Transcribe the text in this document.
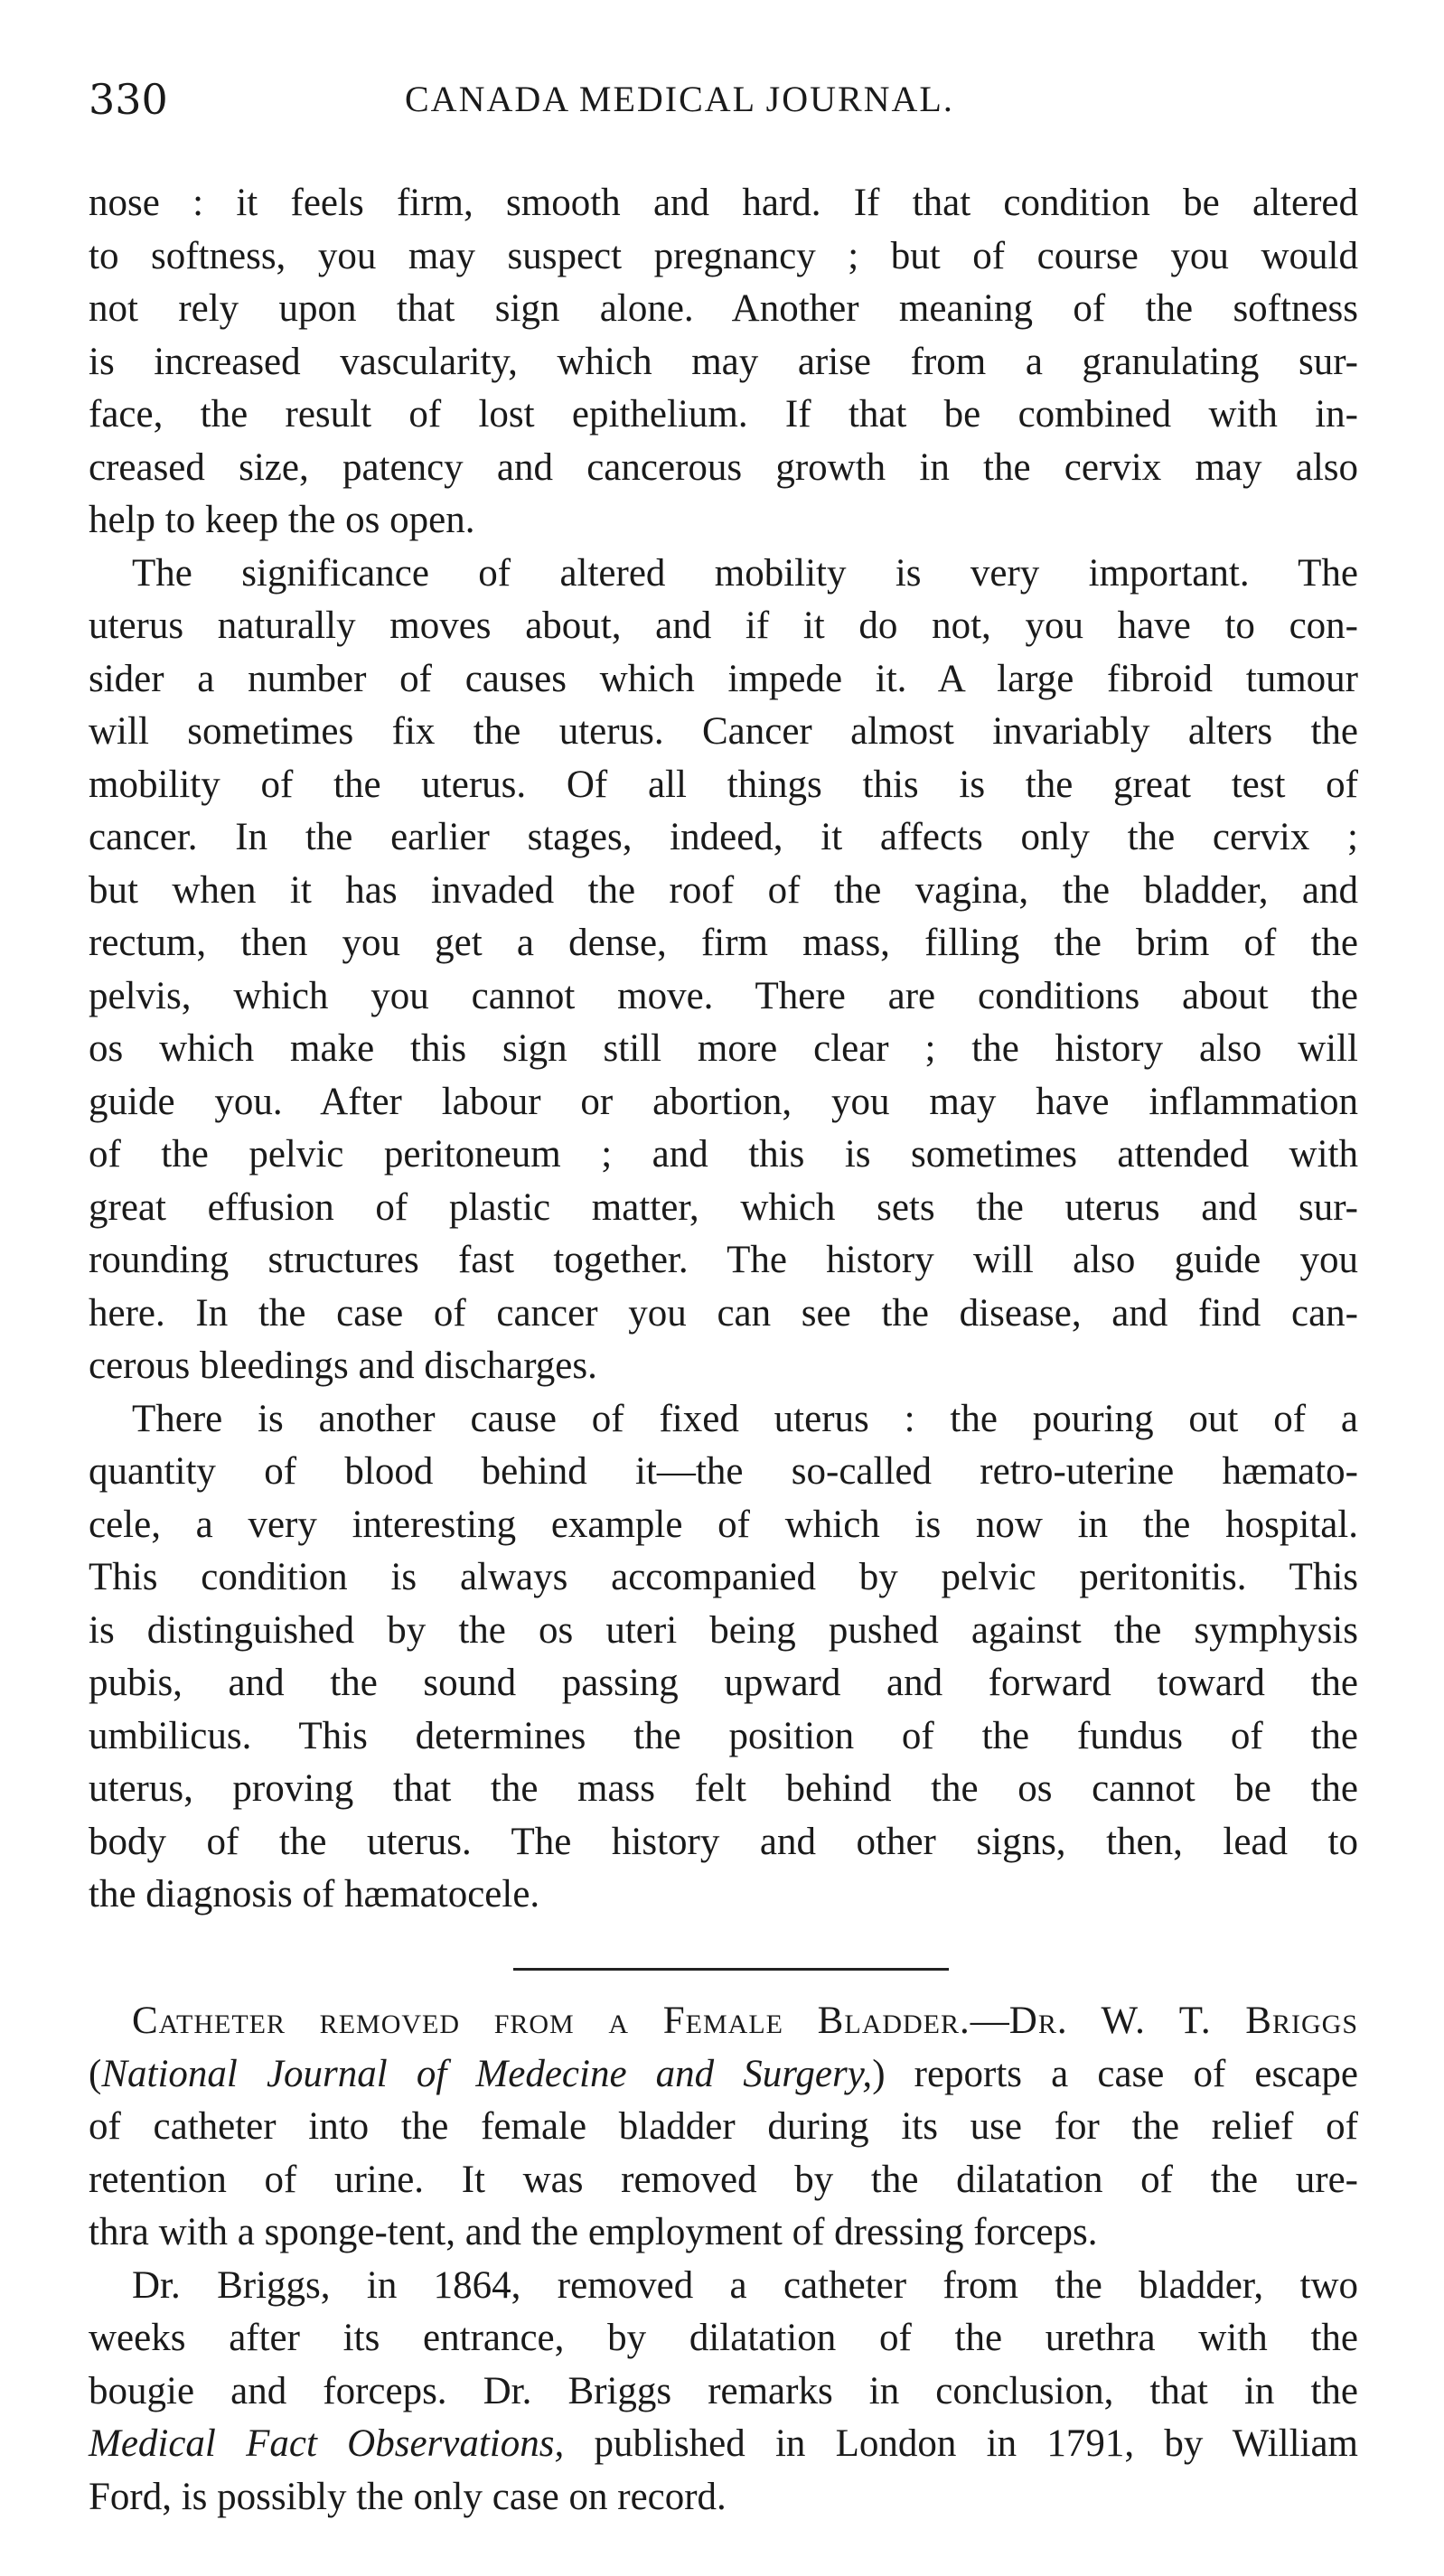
330	CANADA MEDICAL JOURNAL.
nose : it feels firm, smooth and hard. If that condition be altered
to softness, you may suspect pregnancy ; but of course you would
not rely upon that sign alone. Another meaning of the softness
is increased vascularity, which may arise from a granulating sur-
face, the result of lost epithelium. If that be combined with in-
creased size, patency and cancerous growth in the cervix may also
help to keep the os open.
The significance of altered mobility is very important. The
uterus naturally moves about, and if it do not, you have to con-
sider a number of causes which impede it. A large fibroid tumour
will sometimes fix the uterus. Cancer almost invariably alters the
mobility of the uterus. Of all things this is the great test of
cancer. In the earlier stages, indeed, it affects only the cervix ;
but when it has invaded the roof of the vagina, the bladder, and
rectum, then you get a dense, firm mass, filling the brim of the
pelvis, which you cannot move. There are conditions about the
os which make this sign still more clear ; the history also will
guide you. After labour or abortion, you may have inflammation
of the pelvic peritoneum ; and this is sometimes attended with
great effusion of plastic matter, which sets the uterus and sur-
rounding structures fast together. The history will also guide you
here. In the case of cancer you can see the disease, and find can-
cerous bleedings and discharges.
There is another cause of fixed uterus : the pouring out of a
quantity of blood behind it—the so-called retro-uterine hæmato-
cele, a very interesting example of which is now in the hospital.
This condition is always accompanied by pelvic peritonitis. This
is distinguished by the os uteri being pushed against the symphysis
pubis, and the sound passing upward and forward toward the
umbilicus. This determines the position of the fundus of the
uterus, proving that the mass felt behind the os cannot be the
body of the uterus. The history and other signs, then, lead to
the diagnosis of hæmatocele.
Catheter removed from a Female Bladder.—Dr. W. T. Briggs
(National Journal of Medecine and Surgery,) reports a case of escape
of catheter into the female bladder during its use for the relief of
retention of urine. It was removed by the dilatation of the ure-
thra with a sponge-tent, and the employment of dressing forceps.
Dr. Briggs, in 1864, removed a catheter from the bladder, two
weeks after its entrance, by dilatation of the urethra with the
bougie and forceps. Dr. Briggs remarks in conclusion, that in the
Medical Fact Observations, published in London in 1791, by William
Ford, is possibly the only case on record.
